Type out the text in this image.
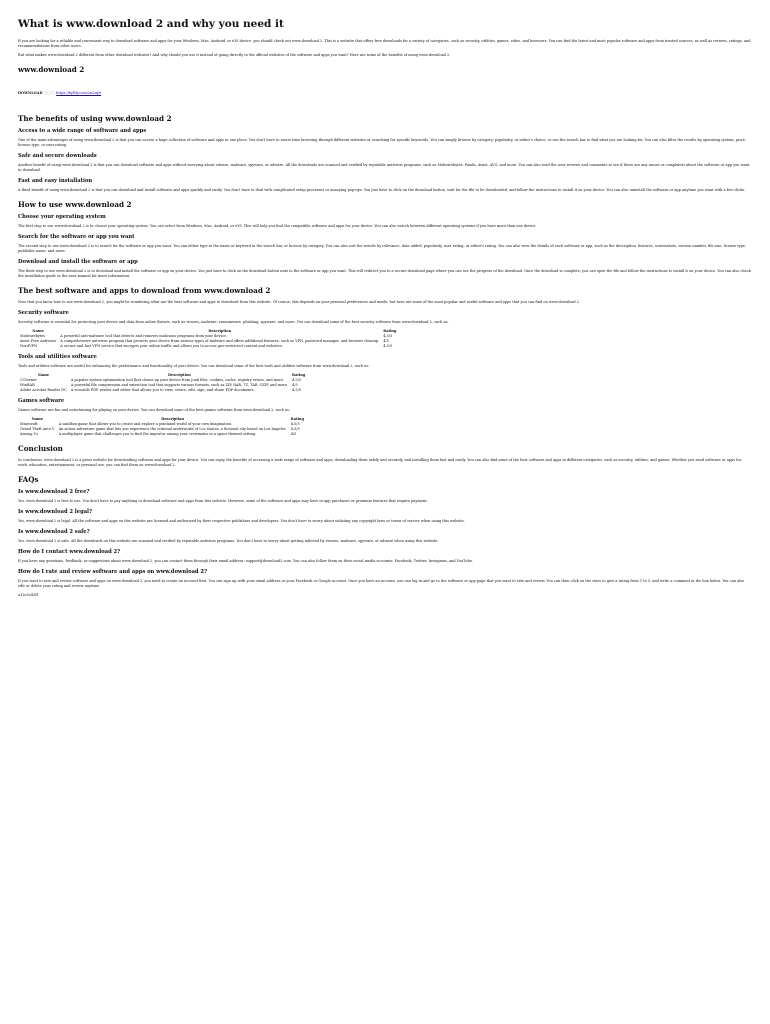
What is www.download 2 and why you need it

If you are looking for a reliable and convenient way to download software and apps for your Windows, Mac, Android, or iOS device, you should check out www.download 2. This is a website that offers free downloads for a variety of categories, such as security, utilities, games, video, and browsers. You can find the latest and most popular software and apps from trusted sources, as well as reviews, ratings, and recommendations from other users.

But what makes www.download 2 different from other download websites? And why should you use it instead of going directly to the official websites of the software and apps you want? Here are some of the benefits of using www.download 2.

www.download 2
DOWNLOAD ▢▢▢ https://byltly.com/2nLuy8
The benefits of using www.download 2
Access to a wide range of software and apps

One of the main advantages of using www.download 2 is that you can access a huge collection of software and apps in one place. You don't have to waste time browsing through different websites or searching for specific keywords. You can simply browse by category, popularity, or editor's choice, or use the search bar to find what you are looking for. You can also filter the results by operating system, price, license type, or user rating.

Safe and secure downloads

Another benefit of using www.download 2 is that you can download software and apps without worrying about viruses, malware, spyware, or adware. All the downloads are scanned and verified by reputable antivirus programs, such as Malwarebytes, Panda, Avast, AVG, and more. You can also read the user reviews and comments to see if there are any issues or complaints about the software or app you want to download.

Fast and easy installation

A third benefit of using www.download 2 is that you can download and install software and apps quickly and easily. You don't have to deal with complicated setup processes or annoying pop-ups. You just have to click on the download button, wait for the file to be downloaded, and follow the instructions to install it on your device. You can also uninstall the software or app anytime you want with a few clicks.

How to use www.download 2
Choose your operating system

The first step to use www.download 2 is to choose your operating system. You can select from Windows, Mac, Android, or iOS. This will help you find the compatible software and apps for your device. You can also switch between different operating systems if you have more than one device.

Search for the software or app you want

The second step to use www.download 2 is to search for the software or app you want. You can either type in the name or keyword in the search bar, or browse by category. You can also sort the results by relevance, date added, popularity, user rating, or editor's rating. You can also view the details of each software or app, such as the description, features, screenshots, version number, file size, license type, publisher name, and more.

Download and install the software or app

The third step to use www.download 2 is to download and install the software or app on your device. You just have to click on the download button next to the software or app you want. This will redirect you to a secure download page where you can see the progress of the download. Once the download is complete, you can open the file and follow the instructions to install it on your device. You can also check the installation guide or the user manual for more information.

The best software and apps to download from www.download 2

Now that you know how to use www.download 2, you might be wondering what are the best software and apps to download from this website. Of course, this depends on your personal preferences and needs, but here are some of the most popular and useful software and apps that you can find on www.download 2.

Security software

Security software is essential for protecting your device and data from online threats, such as viruses, malware, ransomware, phishing, spyware, and more. You can download some of the best security software from www.download 2, such as:

Name	Description	Rating
Malwarebytes	A powerful anti-malware tool that detects and removes malicious programs from your device.	4.5/5
Avast Free Antivirus	A comprehensive antivirus program that protects your device from various types of malware and offers additional features, such as VPN, password manager, and browser cleanup.	4/5
NordVPN	A secure and fast VPN service that encrypts your online traffic and allows you to access geo-restricted content and websites.	4.5/5
Tools and utilities software

Tools and utilities software are useful for enhancing the performance and functionality of your device. You can download some of the best tools and utilities software from www.download 2, such as:

Name	Description	Rating
CCleaner	A popular system optimization tool that cleans up your device from junk files, cookies, cache, registry errors, and more.	4.5/5
WinRAR	A powerful file compression and extraction tool that supports various formats, such as ZIP, RAR, 7Z, TAR, GZIP, and more.	4/5
Adobe Acrobat Reader DC	A versatile PDF reader and editor that allows you to view, create, edit, sign, and share PDF documents.	4.5/5
Games software

Games software are fun and entertaining for playing on your device. You can download some of the best games software from www.download 2, such as:

Name	Description	Rating
Minecraft	A sandbox game that allows you to create and explore a pixelated world of your own imagination.	4.5/5
Grand Theft Auto V	An action-adventure game that lets you experience the criminal underworld of Los Santos, a fictional city based on Los Angeles.	4.5/5
Among Us	A multiplayer game that challenges you to find the impostor among your crewmates in a space-themed setting.	4/5
Conclusion

In conclusion, www.download 2 is a great website for downloading software and apps for your device. You can enjoy the benefits of accessing a wide range of software and apps, downloading them safely and securely, and installing them fast and easily. You can also find some of the best software and apps in different categories, such as security, utilities, and games. Whether you need software or apps for work, education, entertainment, or personal use, you can find them on www.download 2.

FAQs
Is www.download 2 free?

Yes, www.download 2 is free to use. You don't have to pay anything to download software and apps from this website. However, some of the software and apps may have in-app purchases or premium features that require payment.

Is www.download 2 legal?

Yes, www.download 2 is legal. All the software and apps on this website are licensed and authorized by their respective publishers and developers. You don't have to worry about violating any copyright laws or terms of service when using this website.

Is www.download 2 safe?

Yes, www.download 2 is safe. All the downloads on this website are scanned and verified by reputable antivirus programs. You don't have to worry about getting infected by viruses, malware, spyware, or adware when using this website.

How do I contact www.download 2?

If you have any questions, feedback, or suggestions about www.download 2, you can contact them through their email address: support@download2.com. You can also follow them on their social media accounts: Facebook, Twitter, Instagram, and YouTube.

How do I rate and review software and apps on www.download 2?

If you want to rate and review software and apps on www.download 2, you need to create an account first. You can sign up with your email address or your Facebook or Google account. Once you have an account, you can log in and go to the software or app page that you want to rate and review. You can then click on the stars to give a rating from 1 to 5, and write a comment in the box below. You can also edit or delete your rating and review anytime.

a12e5c43f1
